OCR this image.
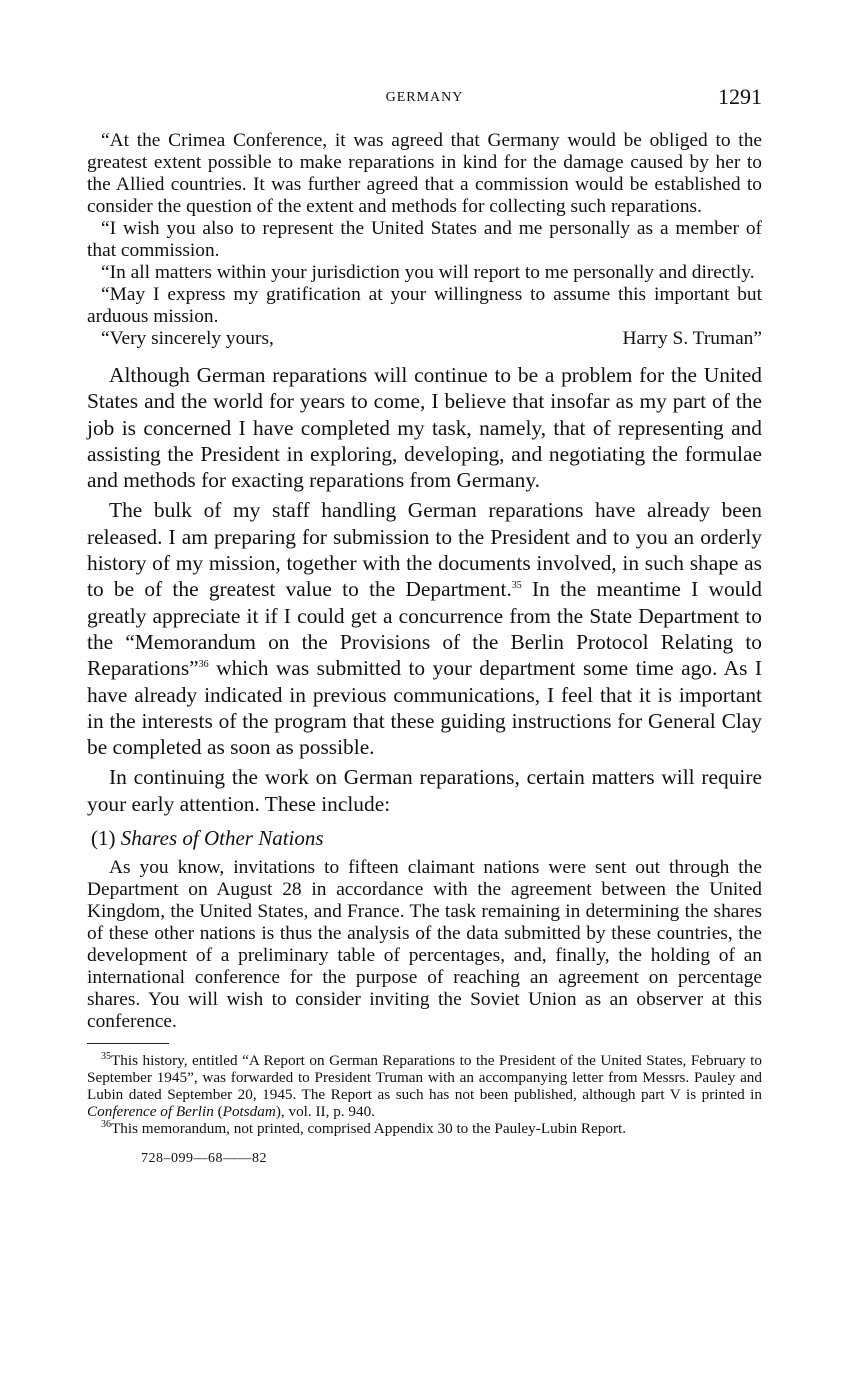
GERMANY	1291

“At the Crimea Conference, it was agreed that Germany would be obliged to the greatest extent possible to make reparations in kind for the damage caused by her to the Allied countries. It was further agreed that a commission would be established to consider the question of the extent and methods for collecting such reparations.

“I wish you also to represent the United States and me personally as a member of that commission.

“In all matters within your jurisdiction you will report to me personally and directly.

“May I express my gratification at your willingness to assume this important but arduous mission.

“Very sincerely yours,	Harry S. Truman”

Although German reparations will continue to be a problem for the United States and the world for years to come, I believe that insofar as my part of the job is concerned I have completed my task, namely, that of representing and assisting the President in exploring, developing, and negotiating the formulae and methods for exacting reparations from Germany.

The bulk of my staff handling German reparations have already been released. I am preparing for submission to the President and to you an orderly history of my mission, together with the documents involved, in such shape as to be of the greatest value to the Department.$^{35}$ In the meantime I would greatly appreciate it if I could get a concurrence from the State Department to the “Memorandum on the Provisions of the Berlin Protocol Relating to Reparations”$^{36}$ which was submitted to your department some time ago. As I have already indicated in previous communications, I feel that it is important in the interests of the program that these guiding instructions for General Clay be completed as soon as possible.

In continuing the work on German reparations, certain matters will require your early attention. These include:

(1) Shares of Other Nations

As you know, invitations to fifteen claimant nations were sent out through the Department on August 28 in accordance with the agreement between the United Kingdom, the United States, and France. The task remaining in determining the shares of these other nations is thus the analysis of the data submitted by these countries, the development of a preliminary table of percentages, and, finally, the holding of an international conference for the purpose of reaching an agreement on percentage shares. You will wish to consider inviting the Soviet Union as an observer at this conference.

$^{35}$This history, entitled “A Report on German Reparations to the President of the United States, February to September 1945”, was forwarded to President Truman with an accompanying letter from Messrs. Pauley and Lubin dated September 20, 1945. The Report as such has not been published, although part V is printed in Conference of Berlin (Potsdam), vol. II, p. 940.

$^{36}$This memorandum, not printed, comprised Appendix 30 to the Pauley-Lubin Report.

728–099—68——82
